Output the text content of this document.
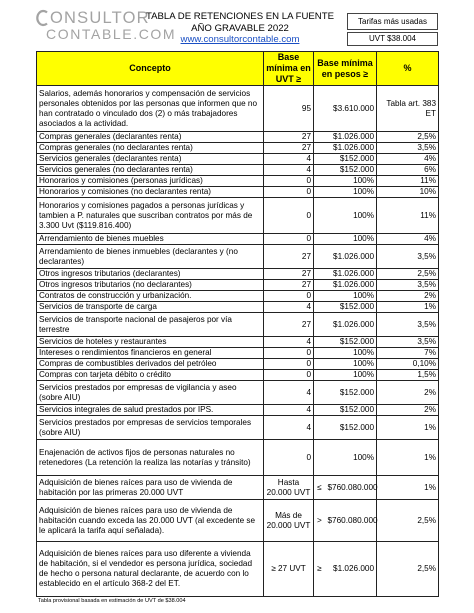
ONSULTOR
CONTABLE.COM
TABLA DE RETENCIONES EN LA FUENTE
AÑO GRAVABLE 2022
www.consultorcontable.com
Tarifas más usadas
UVT $38.004
Concepto	Base mínima en UVT ≥	Base mínima en pesos ≥		%
Salarios, además honorarios y compensación de servicios personales obtenidos por las personas que informen que no han contratado o vinculado dos (2) o más trabajadores asociados a la actividad.	95		$3.610.000	Tabla art. 383 ET
Compras generales (declarantes renta)	27		$1.026.000	2,5%
Compras generales (no declarantes renta)	27		$1.026.000	3,5%
Servicios generales (declarantes renta)	4		$152.000	4%
Servicios generales (no declarantes renta)	4		$152.000	6%
Honorarios y comisiones (personas jurídicas)	0		100%	11%
Honorarios y comisiones (no declarantes renta)	0		100%	10%
Honorarios y comisiones pagados a personas jurídicas y tambien a P. naturales que suscriban contratos por más de 3.300 Uvt ($119.816.400)	0		100%	11%
Arrendamiento de bienes muebles	0		100%	4%
Arrendamiento de bienes inmuebles (declarantes y (no declarantes)	27		$1.026.000	3,5%
Otros ingresos tributarios (declarantes)	27		$1.026.000	2,5%
Otros ingresos tributarios (no declarantes)	27		$1.026.000	3,5%
Contratos de construcción y urbanización.	0		100%	2%
Servicios de transporte de carga	4		$152.000	1%
Servicios de transporte nacional de pasajeros por vía terrestre	27		$1.026.000	3,5%
Servicios de hoteles y restaurantes	4		$152.000	3,5%
Intereses o rendimientos financieros en general	0		100%	7%
Compras de combustibles derivados del petróleo	0		100%	0,10%
Compras con tarjeta débito o crédito	0		100%	1,5%
Servicios prestados por empresas de vigilancia y aseo (sobre AIU)	4		$152.000	2%
Servicios integrales de salud prestados por IPS.	4		$152.000	2%
Servicios prestados por empresas de servicios temporales (sobre AIU)	4		$152.000	1%
Enajenación de activos fijos de personas naturales no retenedores (La retención la realiza las notarías y tránsito)	0		100%	1%
Adquisición de bienes raíces para uso de vivienda de habitación por las primeras 20.000 UVT	Hasta 20.000 UVT	≤	$760.080.000	1%
Adquisición de bienes raíces para uso de vivienda de habitación cuando exceda las 20.000 UVT (al excedente se le aplicará la tarifa aquí señalada).	Más de 20.000 UVT	>	$760.080.000	2,5%
Adquisición de bienes raíces para uso diferente a vivienda de habitación, si el vendedor es persona jurídica, sociedad de hecho o persona natural declarante, de acuerdo con lo establecido en el artículo 368-2 del ET.	≥ 27 UVT	≥	$1.026.000	2,5%
Tabla provisional basada en estimación de UVT de $38.004
